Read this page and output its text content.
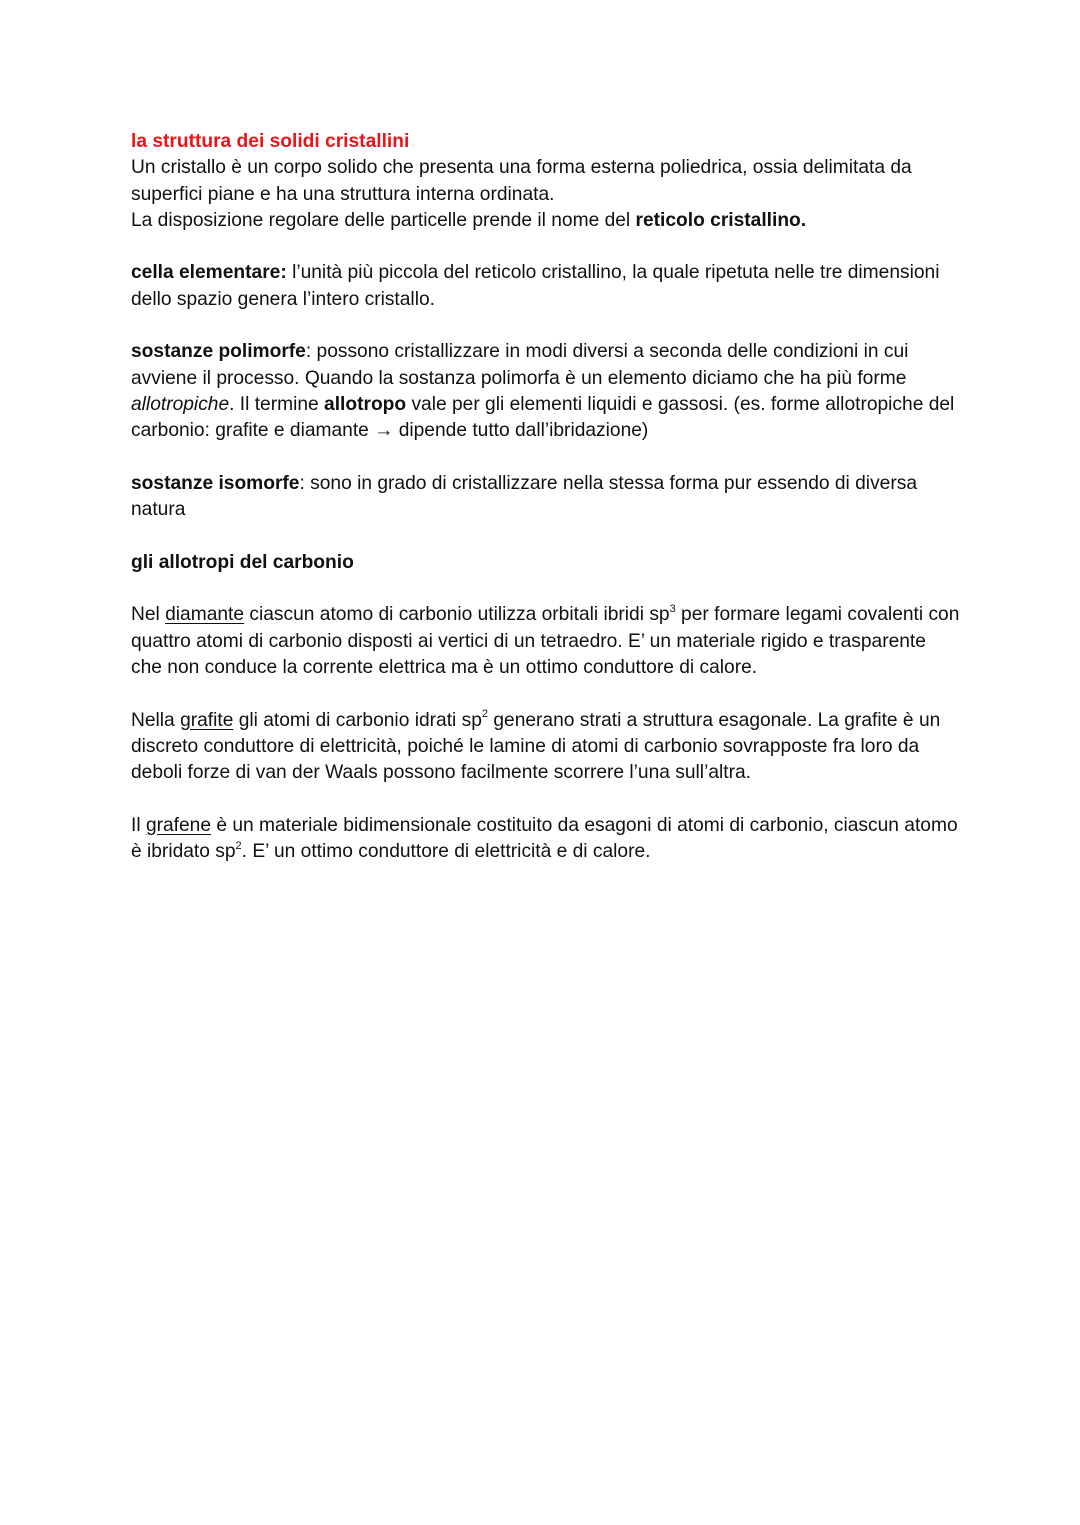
la struttura dei solidi cristallini

Un cristallo è un corpo solido che presenta una forma esterna poliedrica, ossia delimitata da superfici piane e ha una struttura interna ordinata.

La disposizione regolare delle particelle prende il nome del reticolo cristallino.

cella elementare: l’unità più piccola del reticolo cristallino, la quale ripetuta nelle tre dimensioni dello spazio genera l’intero cristallo.

sostanze polimorfe: possono cristallizzare in modi diversi a seconda delle condizioni in cui avviene il processo. Quando la sostanza polimorfa è un elemento diciamo che ha più forme allotropiche. Il termine allotropo vale per gli elementi liquidi e gassosi. (es. forme allotropiche del carbonio: grafite e diamante → dipende tutto dall’ibridazione)

sostanze isomorfe: sono in grado di cristallizzare nella stessa forma pur essendo di diversa natura

gli allotropi del carbonio

Nel diamante ciascun atomo di carbonio utilizza orbitali ibridi $sp^3$ per formare legami covalenti con quattro atomi di carbonio disposti ai vertici di un tetraedro. E’ un materiale rigido e trasparente che non conduce la corrente elettrica ma è un ottimo conduttore di calore.

Nella grafite gli atomi di carbonio idrati $sp^2$ generano strati a struttura esagonale. La grafite è un discreto conduttore di elettricità, poiché le lamine di atomi di carbonio sovrapposte fra loro da deboli forze di van der Waals possono facilmente scorrere l’una sull’altra.

Il grafene è un materiale bidimensionale costituito da esagoni di atomi di carbonio, ciascun atomo è ibridato $sp^2$. E’ un ottimo conduttore di elettricità e di calore.
